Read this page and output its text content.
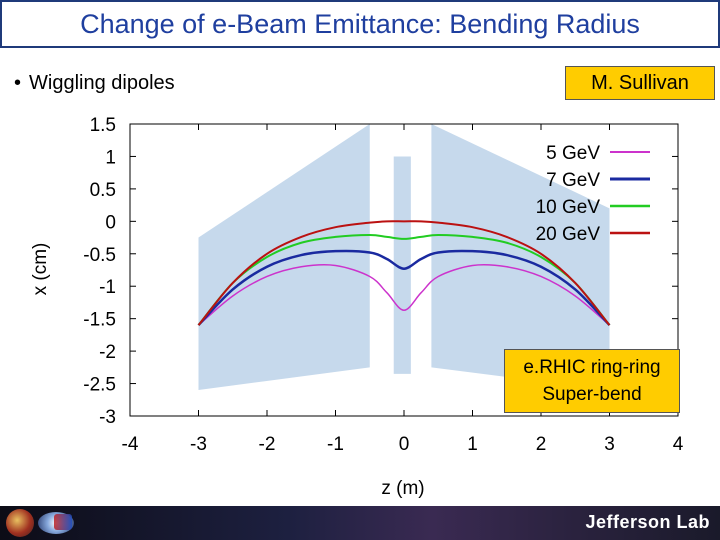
Change of e-Beam Emittance: Bending Radius
• Wiggling dipoles	M. Sullivan
-4	-3	-2	-1	0	1	2	3	4
1.5
1
0.5
0
-0.5
-1
-1.5
-2
-2.5
-3
z (m)
x (cm)
5 GeV
7 GeV
10 GeV
20 GeV
e.RHIC ring-ring
Super-bend
Jefferson Lab
